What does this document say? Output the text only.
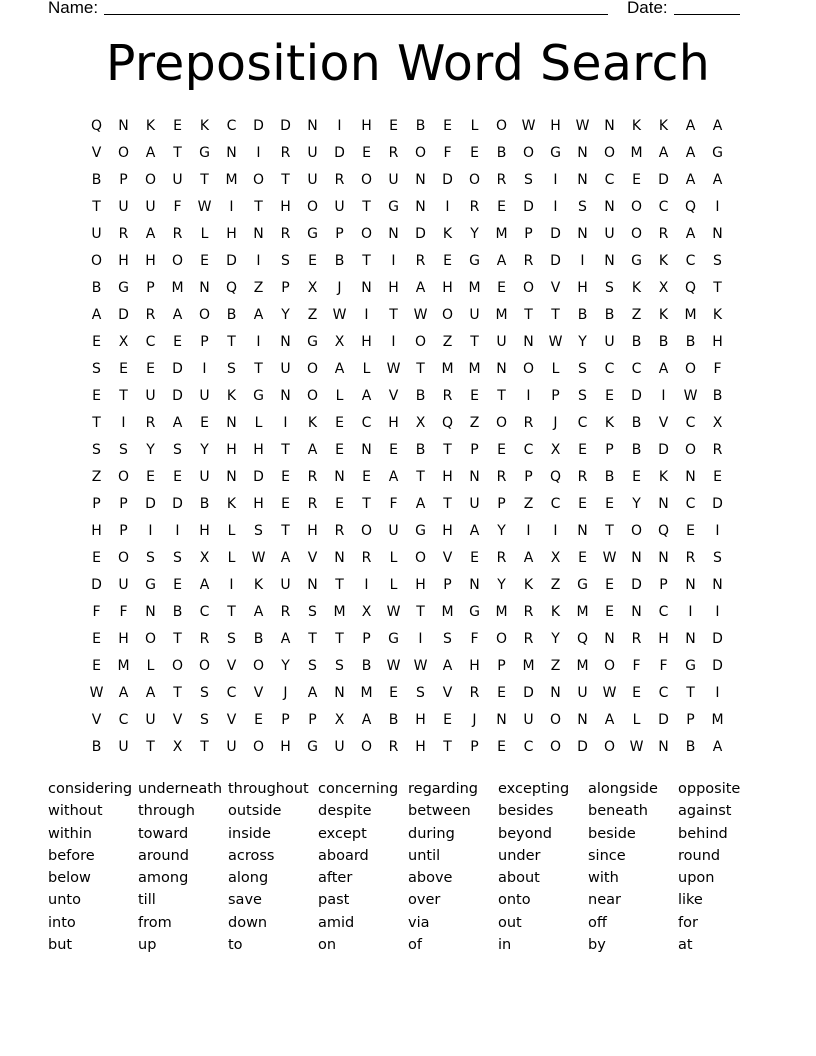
Name:	Date:
Preposition Word Search
Q	N	K	E	K	C	D	D	N	I	H	E	B	E	L	O	W	H	W	N	K	K	A	A
V	O	A	T	G	N	I	R	U	D	E	R	O	F	E	B	O	G	N	O	M	A	A	G
B	P	O	U	T	M	O	T	U	R	O	U	N	D	O	R	S	I	N	C	E	D	A	A
T	U	U	F	W	I	T	H	O	U	T	G	N	I	R	E	D	I	S	N	O	C	Q	I
U	R	A	R	L	H	N	R	G	P	O	N	D	K	Y	M	P	D	N	U	O	R	A	N
O	H	H	O	E	D	I	S	E	B	T	I	R	E	G	A	R	D	I	N	G	K	C	S
B	G	P	M	N	Q	Z	P	X	J	N	H	A	H	M	E	O	V	H	S	K	X	Q	T
A	D	R	A	O	B	A	Y	Z	W	I	T	W	O	U	M	T	T	B	B	Z	K	M	K
E	X	C	E	P	T	I	N	G	X	H	I	O	Z	T	U	N	W	Y	U	B	B	B	H
S	E	E	D	I	S	T	U	O	A	L	W	T	M	M	N	O	L	S	C	C	A	O	F
E	T	U	D	U	K	G	N	O	L	A	V	B	R	E	T	I	P	S	E	D	I	W	B
T	I	R	A	E	N	L	I	K	E	C	H	X	Q	Z	O	R	J	C	K	B	V	C	X
S	S	Y	S	Y	H	H	T	A	E	N	E	B	T	P	E	C	X	E	P	B	D	O	R
Z	O	E	E	U	N	D	E	R	N	E	A	T	H	N	R	P	Q	R	B	E	K	N	E
P	P	D	D	B	K	H	E	R	E	T	F	A	T	U	P	Z	C	E	E	Y	N	C	D
H	P	I	I	H	L	S	T	H	R	O	U	G	H	A	Y	I	I	N	T	O	Q	E	I
E	O	S	S	X	L	W	A	V	N	R	L	O	V	E	R	A	X	E	W	N	N	R	S
D	U	G	E	A	I	K	U	N	T	I	L	H	P	N	Y	K	Z	G	E	D	P	N	N
F	F	N	B	C	T	A	R	S	M	X	W	T	M	G	M	R	K	M	E	N	C	I	I
E	H	O	T	R	S	B	A	T	T	P	G	I	S	F	O	R	Y	Q	N	R	H	N	D
E	M	L	O	O	V	O	Y	S	S	B	W W	A	H	P	M	Z	M	O	F	F	G	D
W	A	A	T	S	C	V	J	A	N	M	E	S	V	R	E	D	N	U	W	E	C	T	I
V	C	U	V	S	V	E	P	P	X	A	B	H	E	J	N	U	O	N	A	L	D	P	M
B	U	T	X	T	U	O	H	G	U	O	R	H	T	P	E	C	O	D	O	W	N	B	A
considering underneath throughout concerning regarding	excepting	alongside	opposite
without	through	outside	despite	between	besides	beneath	against
within	toward	inside	except	during	beyond	beside	behind
before	around	across	aboard	until	under	since	round
below	among	along	after	above	about	with	upon
unto	till	save	past	over	onto	near	like
into	from	down	amid	via	out	off	for
but	up	to	on	of	in	by	at
